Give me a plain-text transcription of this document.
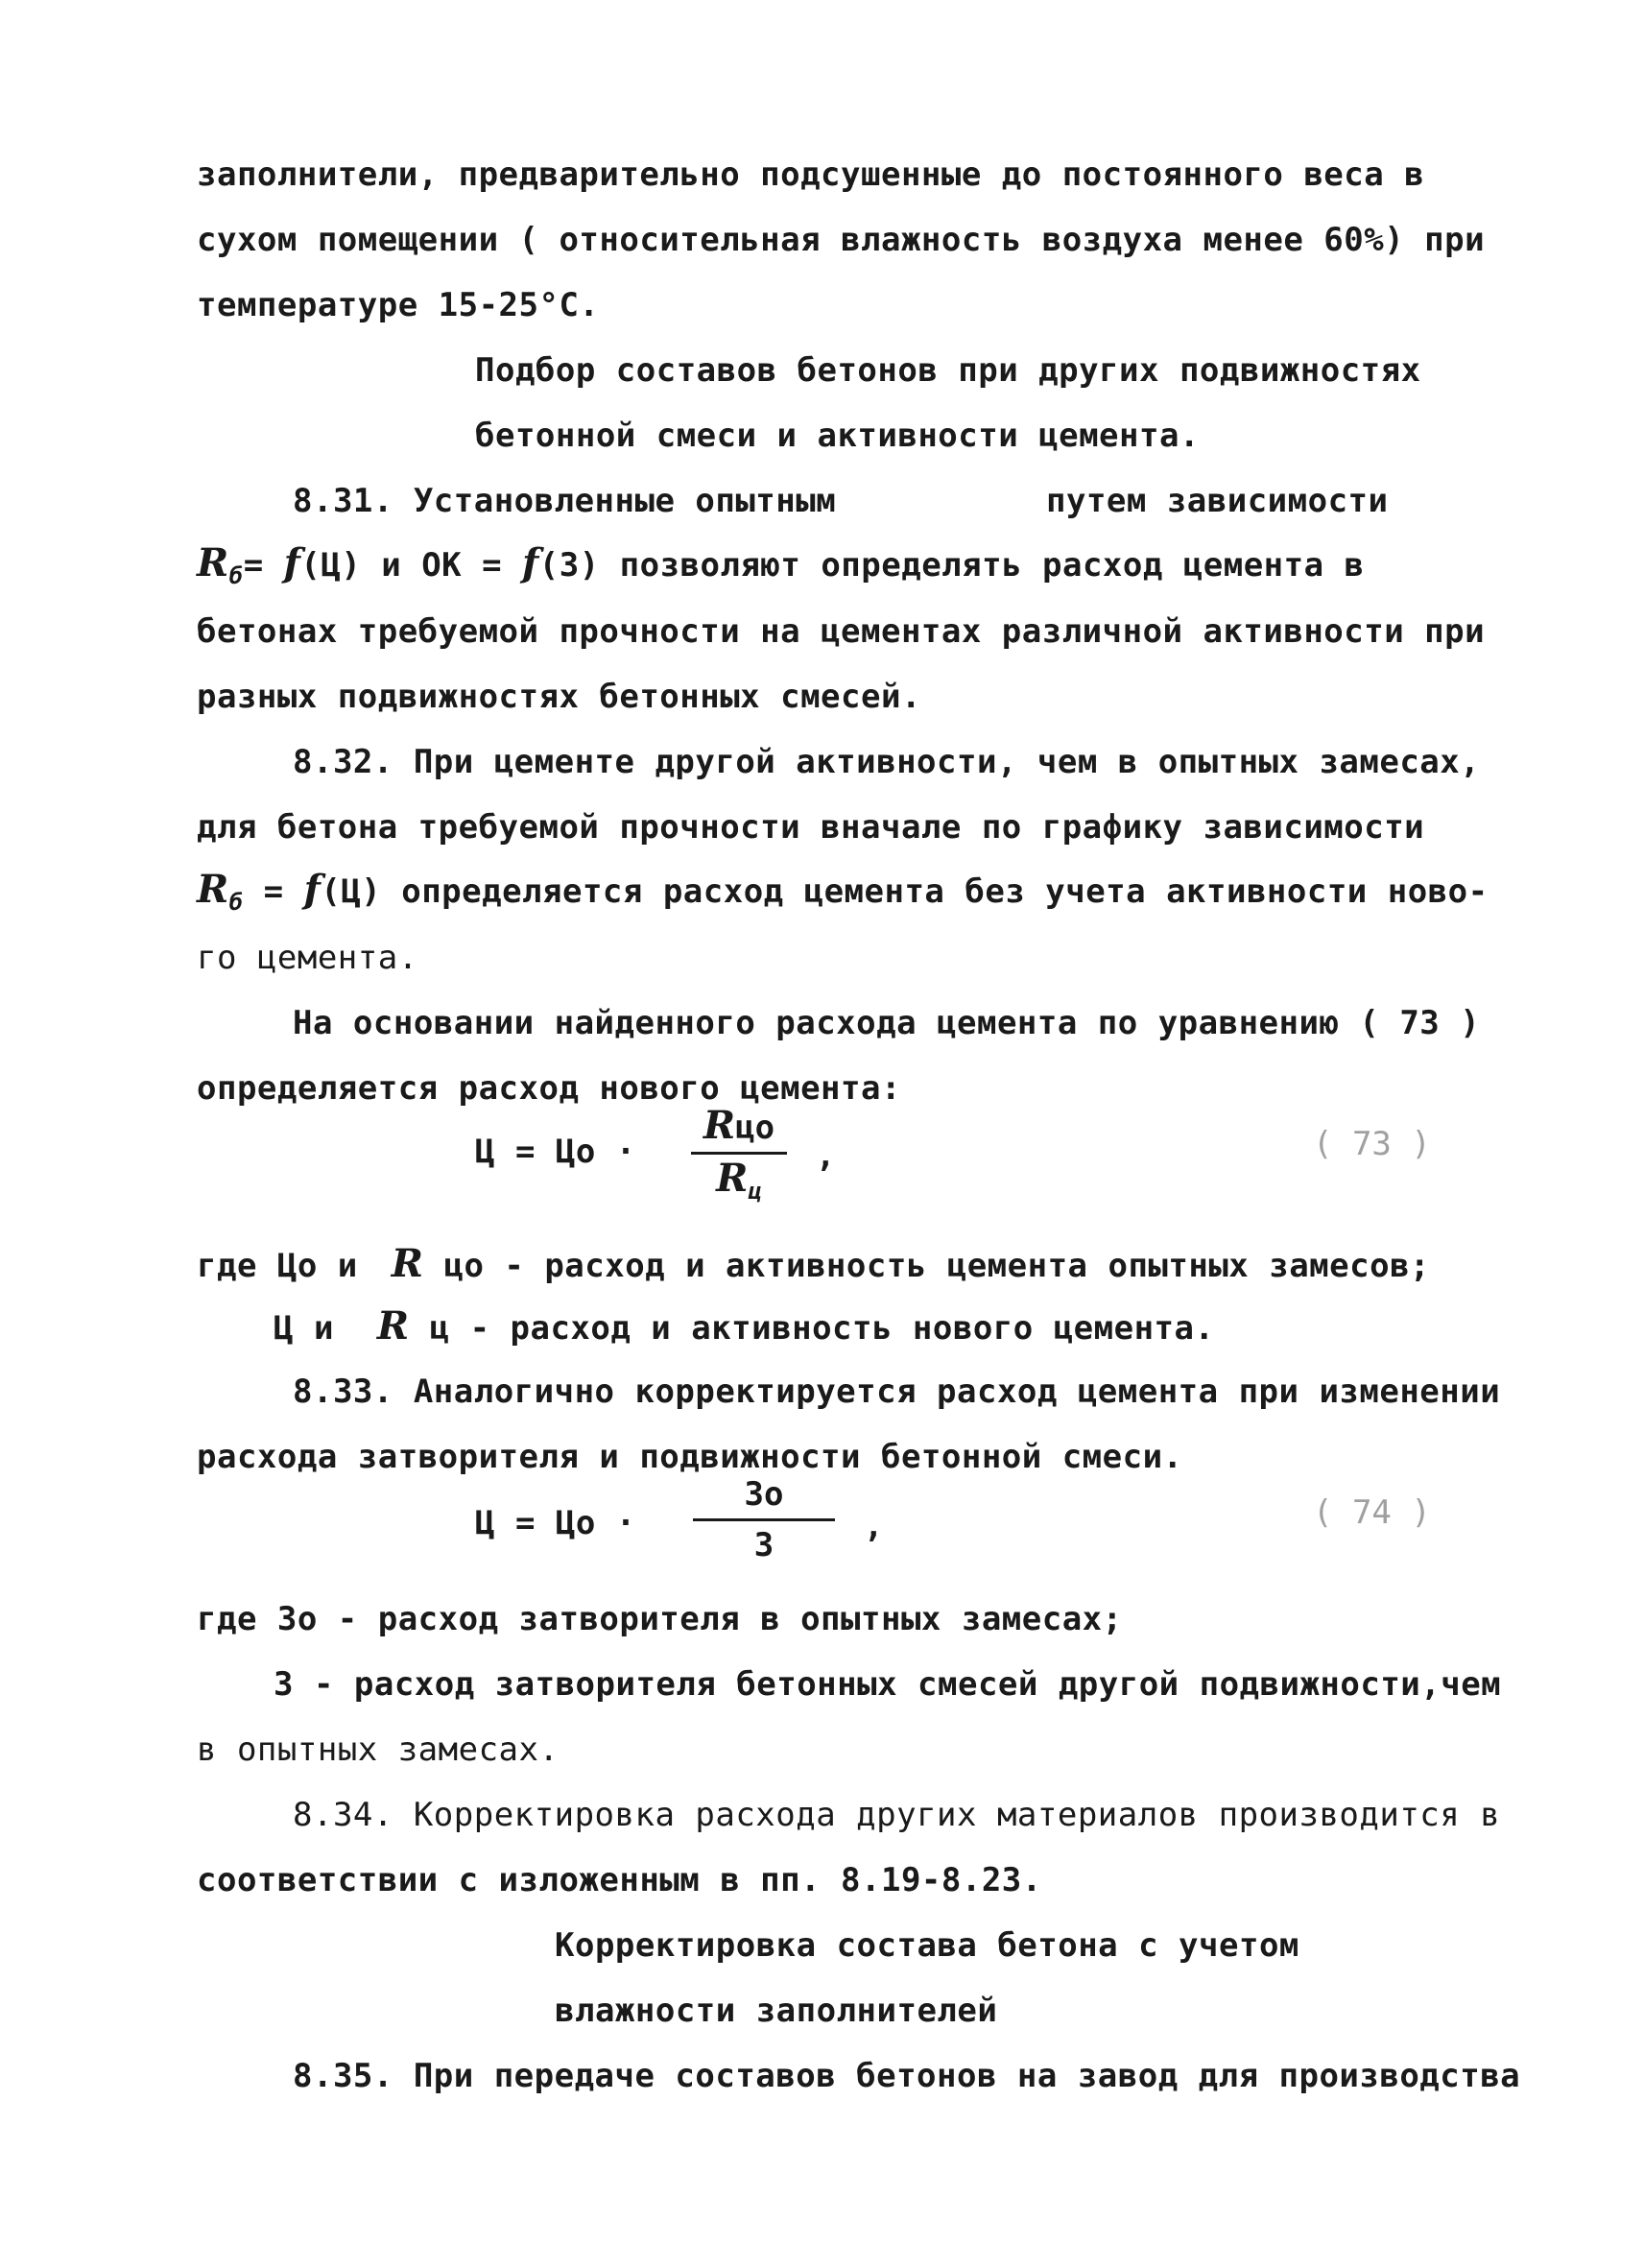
заполнители, предварительно подсушенные до постоянного веса в
сухом помещении ( относительная влажность воздуха менее 60%) при
температуре 15-25°С.
Подбор составов бетонов при других подвижностях
бетонной смеси и активности цемента.
8.31. Установленные опытным	путем зависимости
$R_б= f(Ц)$ и ОК = f(3) позволяют определять расход цемента в
бетонах требуемой прочности на цементах различной активности при
разных подвижностях бетонных смесей.
8.32. При цементе другой активности, чем в опытных замесах,
для бетона требуемой прочности вначале по графику зависимости
$R_б = f(Ц)$ определяется расход цемента без учета активности ново-
го цемента.
На основании найденного расхода цемента по уравнению ( 73 )
определяется расход нового цемента:
Ц = Цо ·
Rцо
$R_ц$
,	( 73 )
где Цо и R цо - расход и активность цемента опытных замесов;
Ц и R ц - расход и активность нового цемента.
8.33. Аналогично корректируется расход цемента при изменении
расхода затворителя и подвижности бетонной смеси.
Ц = Цо ·
Зо
З	,	( 74 )
где Зо - расход затворителя в опытных замесах;
З - расход затворителя бетонных смесей другой подвижности,чем
в опытных замесах.
8.34. Корректировка расхода других материалов производится в
соответствии с изложенным в пп. 8.19-8.23.
Корректировка состава бетона с учетом
влажности заполнителей
8.35. При передаче составов бетонов на завод для производства
